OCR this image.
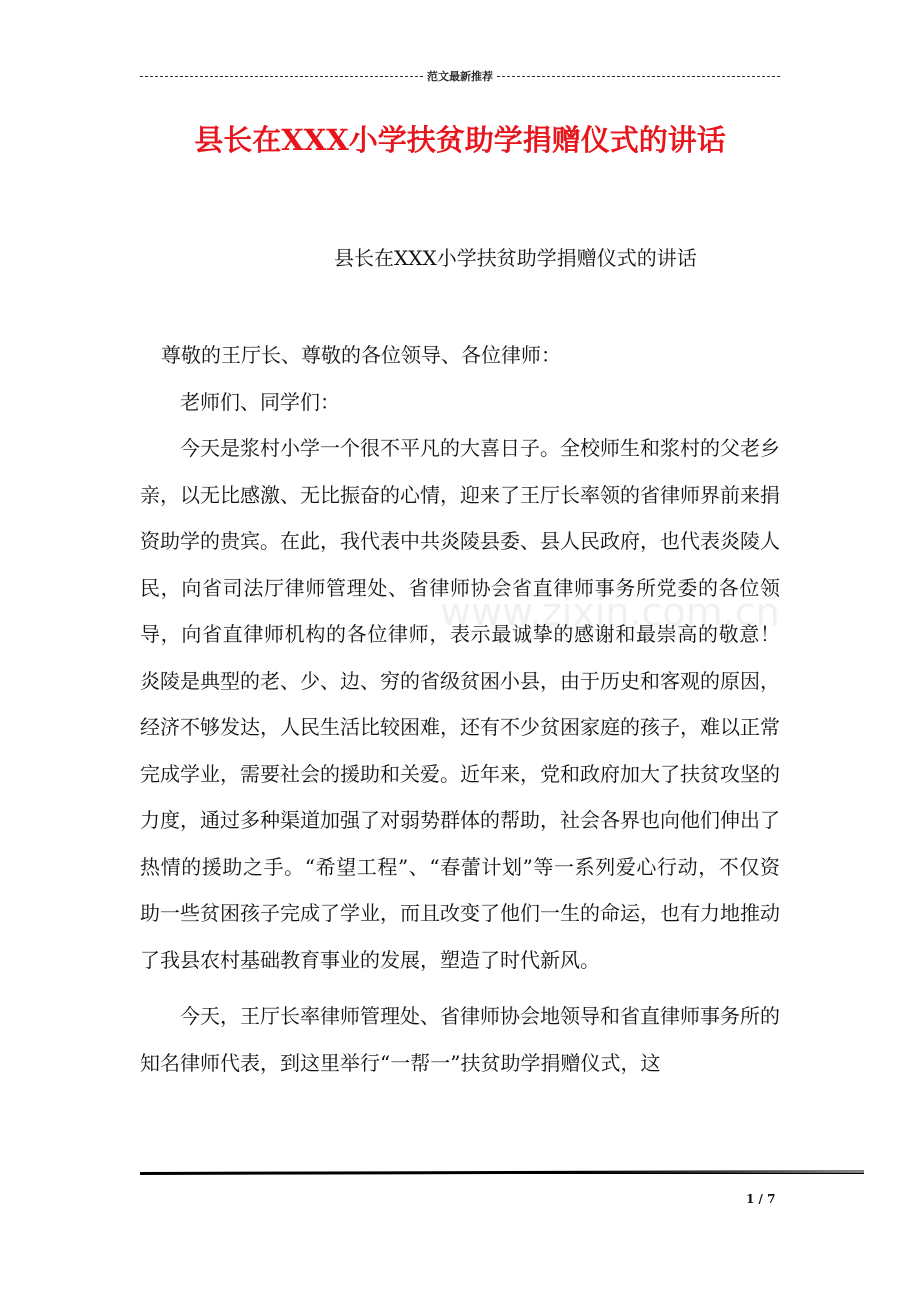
范文最新推荐
县长在XXX小学扶贫助学捐赠仪式的讲话
县长在XXX小学扶贫助学捐赠仪式的讲话
www.zixin.com.cn

尊敬的王厅长、尊敬的各位领导、各位律师：

老师们、同学们：

今天是浆村小学一个很不平凡的大喜日子。全校师生和浆村的父老乡亲，以无比感激、无比振奋的心情，迎来了王厅长率领的省律师界前来捐资助学的贵宾。在此，我代表中共炎陵县委、县人民政府，也代表炎陵人民，向省司法厅律师管理处、省律师协会省直律师事务所党委的各位领导，向省直律师机构的各位律师，表示最诚挚的感谢和最崇高的敬意！　　炎陵是典型的老、少、边、穷的省级贫困小县，由于历史和客观的原因，经济不够发达，人民生活比较困难，还有不少贫困家庭的孩子，难以正常完成学业，需要社会的援助和关爱。近年来，党和政府加大了扶贫攻坚的力度，通过多种渠道加强了对弱势群体的帮助，社会各界也向他们伸出了热情的援助之手。“希望工程”、“春蕾计划”等一系列爱心行动，不仅资助一些贫困孩子完成了学业，而且改变了他们一生的命运，也有力地推动了我县农村基础教育事业的发展，塑造了时代新风。

今天，王厅长率律师管理处、省律师协会地领导和省直律师事务所的知名律师代表，到这里举行“一帮一”扶贫助学捐赠仪式，这

1 / 7
